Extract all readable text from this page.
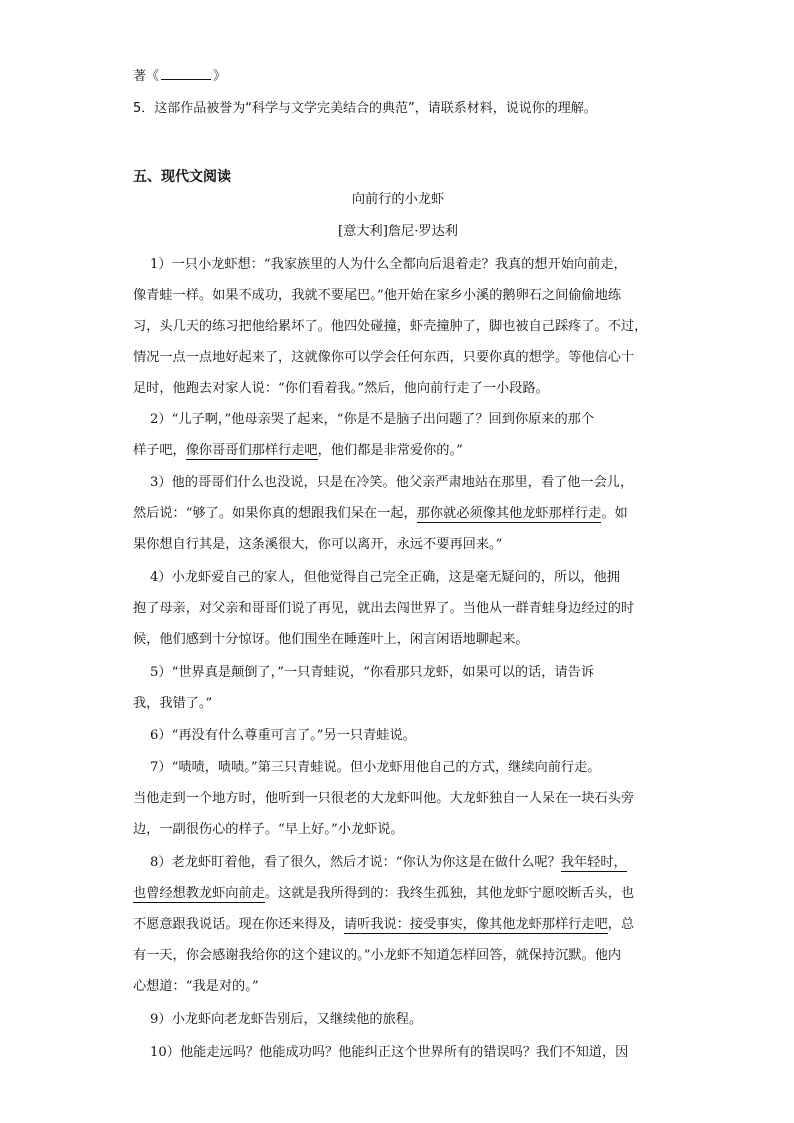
著《	》

5．这部作品被誉为“科学与文学完美结合的典范”，请联系材料，说说你的理解。

五、现代文阅读

向前行的小龙虾

[意大利]詹尼·罗达利

1）一只小龙虾想：“我家族里的人为什么全都向后退着走？我真的想开始向前走，

像青蛙一样。如果不成功，我就不要尾巴。”他开始在家乡小溪的鹅卵石之间偷偷地练

习，头几天的练习把他给累坏了。他四处碰撞，虾壳撞肿了，脚也被自己踩疼了。不过，

情况一点一点地好起来了，这就像你可以学会任何东西，只要你真的想学。等他信心十

足时，他跑去对家人说：“你们看着我。”然后，他向前行走了一小段路。

2）“儿子啊，”他母亲哭了起来，“你是不是脑子出问题了？回到你原来的那个

样子吧，像你哥哥们那样行走吧，他们都是非常爱你的。”

3）他的哥哥们什么也没说，只是在冷笑。他父亲严肃地站在那里，看了他一会儿，

然后说：“够了。如果你真的想跟我们呆在一起，那你就必须像其他龙虾那样行走。如

果你想自行其是，这条溪很大，你可以离开，永远不要再回来。”

4）小龙虾爱自己的家人，但他觉得自己完全正确，这是毫无疑问的，所以，他拥

抱了母亲，对父亲和哥哥们说了再见，就出去闯世界了。当他从一群青蛙身边经过的时

候，他们感到十分惊讶。他们围坐在睡莲叶上，闲言闲语地聊起来。

5）“世界真是颠倒了，”一只青蛙说，“你看那只龙虾，如果可以的话，请告诉

我，我错了。”

6）“再没有什么尊重可言了。”另一只青蛙说。

7）“啧啧，啧啧。”第三只青蛙说。但小龙虾用他自己的方式，继续向前行走。

当他走到一个地方时，他听到一只很老的大龙虾叫他。大龙虾独自一人呆在一块石头旁

边，一副很伤心的样子。“早上好。”小龙虾说。

8）老龙虾盯着他，看了很久，然后才说：“你认为你这是在做什么呢？我年轻时，

也曾经想教龙虾向前走。这就是我所得到的：我终生孤独，其他龙虾宁愿咬断舌头，也

不愿意跟我说话。现在你还来得及，请听我说：接受事实，像其他龙虾那样行走吧，总

有一天，你会感谢我给你的这个建议的。”小龙虾不知道怎样回答，就保持沉默。他内

心想道：“我是对的。”

9）小龙虾向老龙虾告别后，又继续他的旅程。

10）他能走远吗？他能成功吗？他能纠正这个世界所有的错误吗？我们不知道，因
